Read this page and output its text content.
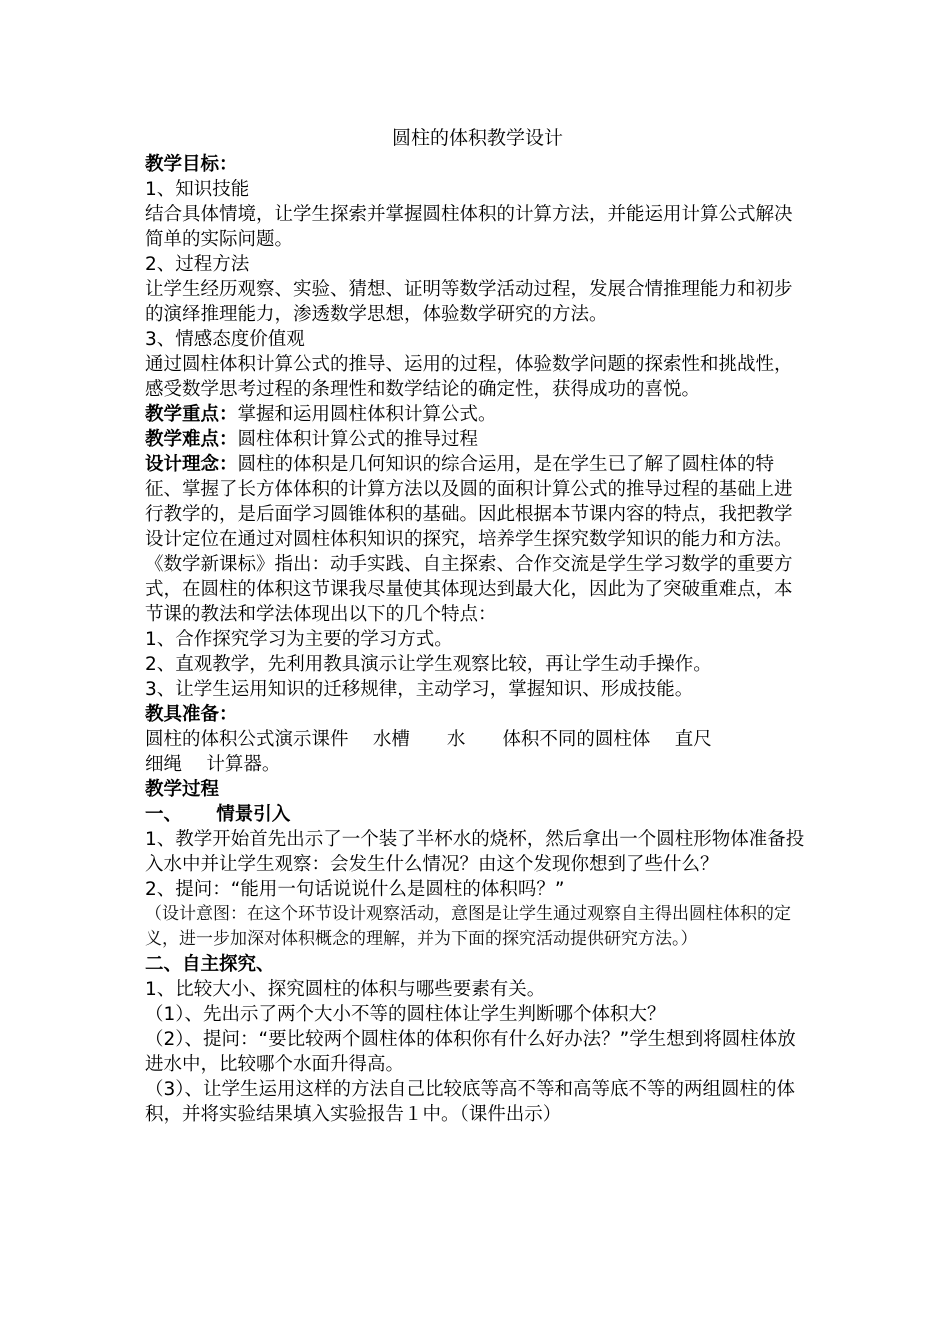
圆柱的体积教学设计

教学目标：

1、知识技能

结合具体情境，让学生探索并掌握圆柱体积的计算方法，并能运用计算公式解决简单的实际问题。

2、过程方法

让学生经历观察、实验、猜想、证明等数学活动过程，发展合情推理能力和初步的演绎推理能力，渗透数学思想，体验数学研究的方法。

3、情感态度价值观

通过圆柱体积计算公式的推导、运用的过程，体验数学问题的探索性和挑战性，感受数学思考过程的条理性和数学结论的确定性，获得成功的喜悦。

教学重点：掌握和运用圆柱体积计算公式。

教学难点：圆柱体积计算公式的推导过程

设计理念：圆柱的体积是几何知识的综合运用，是在学生已了解了圆柱体的特征、掌握了长方体体积的计算方法以及圆的面积计算公式的推导过程的基础上进行教学的，是后面学习圆锥体积的基础。因此根据本节课内容的特点，我把教学设计定位在通过对圆柱体积知识的探究，培养学生探究数学知识的能力和方法。《数学新课标》指出：动手实践、自主探索、合作交流是学生学习数学的重要方式，在圆柱的体积这节课我尽量使其体现达到最大化，因此为了突破重难点，本节课的教法和学法体现出以下的几个特点：

1、合作探究学习为主要的学习方式。

2、直观教学，先利用教具演示让学生观察比较，再让学生动手操作。

3、让学生运用知识的迁移规律，主动学习，掌握知识、形成技能。

教具准备：

圆柱的体积公式演示课件　 水槽　　水　　体积不同的圆柱体　 直尺

细绳　 计算器。

教学过程

一、　　 情景引入

1、教学开始首先出示了一个装了半杯水的烧杯，然后拿出一个圆柱形物体准备投入水中并让学生观察：会发生什么情况？由这个发现你想到了些什么？

2、提问：“能用一句话说说什么是圆柱的体积吗？”

（设计意图：在这个环节设计观察活动，意图是让学生通过观察自主得出圆柱体积的定义，进一步加深对体积概念的理解，并为下面的探究活动提供研究方法。）

二、自主探究、

1、比较大小、探究圆柱的体积与哪些要素有关。

（1）、先出示了两个大小不等的圆柱体让学生判断哪个体积大？

（2）、提问：“要比较两个圆柱体的体积你有什么好办法？”学生想到将圆柱体放进水中，比较哪个水面升得高。

（3）、让学生运用这样的方法自己比较底等高不等和高等底不等的两组圆柱的体积，并将实验结果填入实验报告１中。（课件出示）
